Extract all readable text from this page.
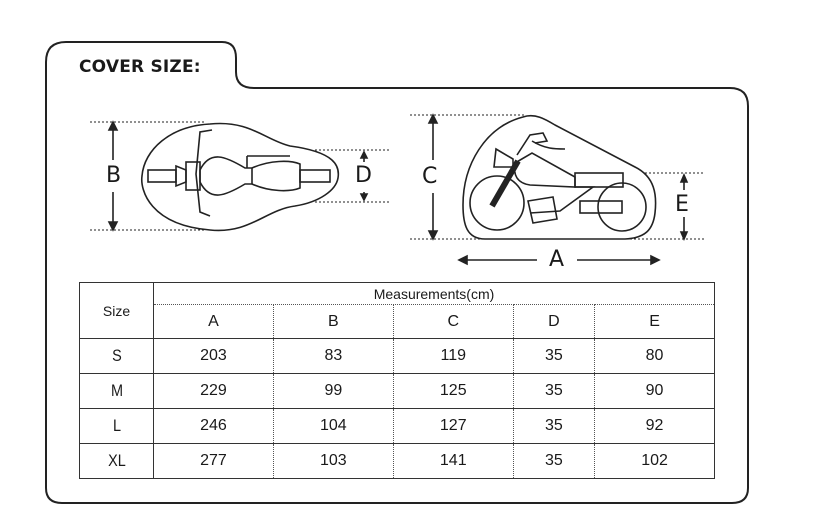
COVER SIZE:
B	D C
E
A
Size	Measurements(cm)				
	A	B	C	D	E
S	203	83	119	35	80
M	229	99	125	35	90
L	246	104	127	35	92
XL	277	103	141	35	102
